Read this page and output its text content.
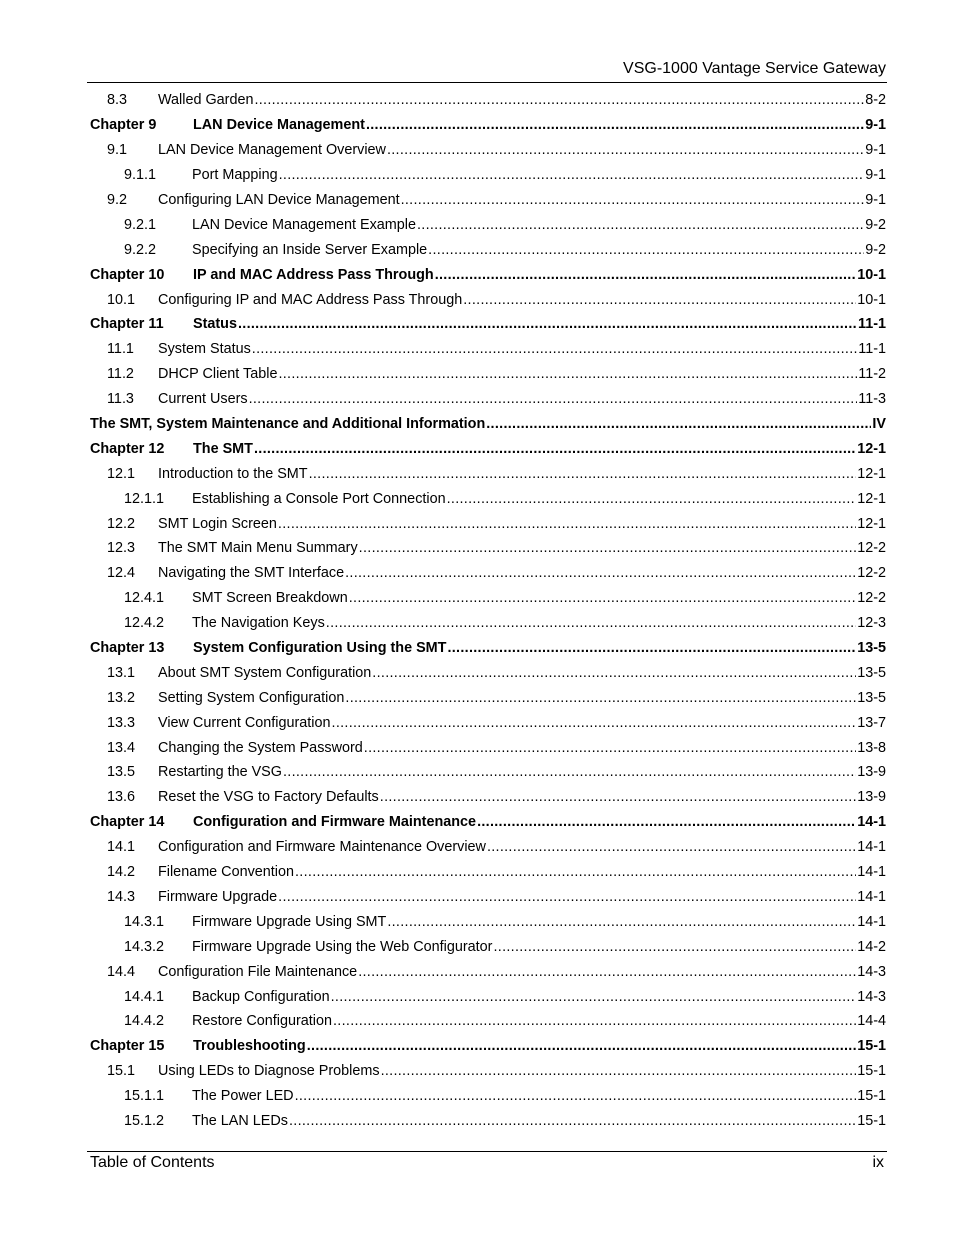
VSG-1000 Vantage Service Gateway
8.3	Walled Garden .....	8-2
Chapter 9	LAN Device Management .....	9-1
9.1	LAN Device Management Overview .....	9-1
9.1.1	Port Mapping .....	9-1
9.2	Configuring LAN Device Management .....	9-1
9.2.1	LAN Device Management Example .....	9-2
9.2.2	Specifying an Inside Server Example .....	9-2
Chapter 10	IP and MAC Address Pass Through .....	10-1
10.1	Configuring IP and MAC Address Pass Through .....	10-1
Chapter 11	Status .....	11-1
11.1	System Status .....	11-1
11.2	DHCP Client Table .....	11-2
11.3	Current Users .....	11-3
The SMT, System Maintenance and Additional Information .....	IV
Chapter 12	The SMT .....	12-1
12.1	Introduction to the SMT .....	12-1
12.1.1	Establishing a Console Port Connection .....	12-1
12.2	SMT Login Screen .....	12-1
12.3	The SMT Main Menu Summary .....	12-2
12.4	Navigating the SMT Interface .....	12-2
12.4.1	SMT Screen Breakdown .....	12-2
12.4.2	The Navigation Keys .....	12-3
Chapter 13	System Configuration Using the SMT .....	13-5
13.1	About SMT System Configuration .....	13-5
13.2	Setting System Configuration .....	13-5
13.3	View Current Configuration .....	13-7
13.4	Changing the System Password .....	13-8
13.5	Restarting the VSG .....	13-9
13.6	Reset the VSG to Factory Defaults .....	13-9
Chapter 14	Configuration and Firmware Maintenance .....	14-1
14.1	Configuration and Firmware Maintenance Overview .....	14-1
14.2	Filename Convention .....	14-1
14.3	Firmware Upgrade .....	14-1
14.3.1	Firmware Upgrade Using SMT .....	14-1
14.3.2	Firmware Upgrade Using the Web Configurator .....	14-2
14.4	Configuration File Maintenance .....	14-3
14.4.1	Backup Configuration .....	14-3
14.4.2	Restore Configuration .....	14-4
Chapter 15	Troubleshooting .....	15-1
15.1	Using LEDs to Diagnose Problems .....	15-1
15.1.1	The Power LED .....	15-1
15.1.2	The LAN LEDs .....	15-1
Table of Contents	ix
